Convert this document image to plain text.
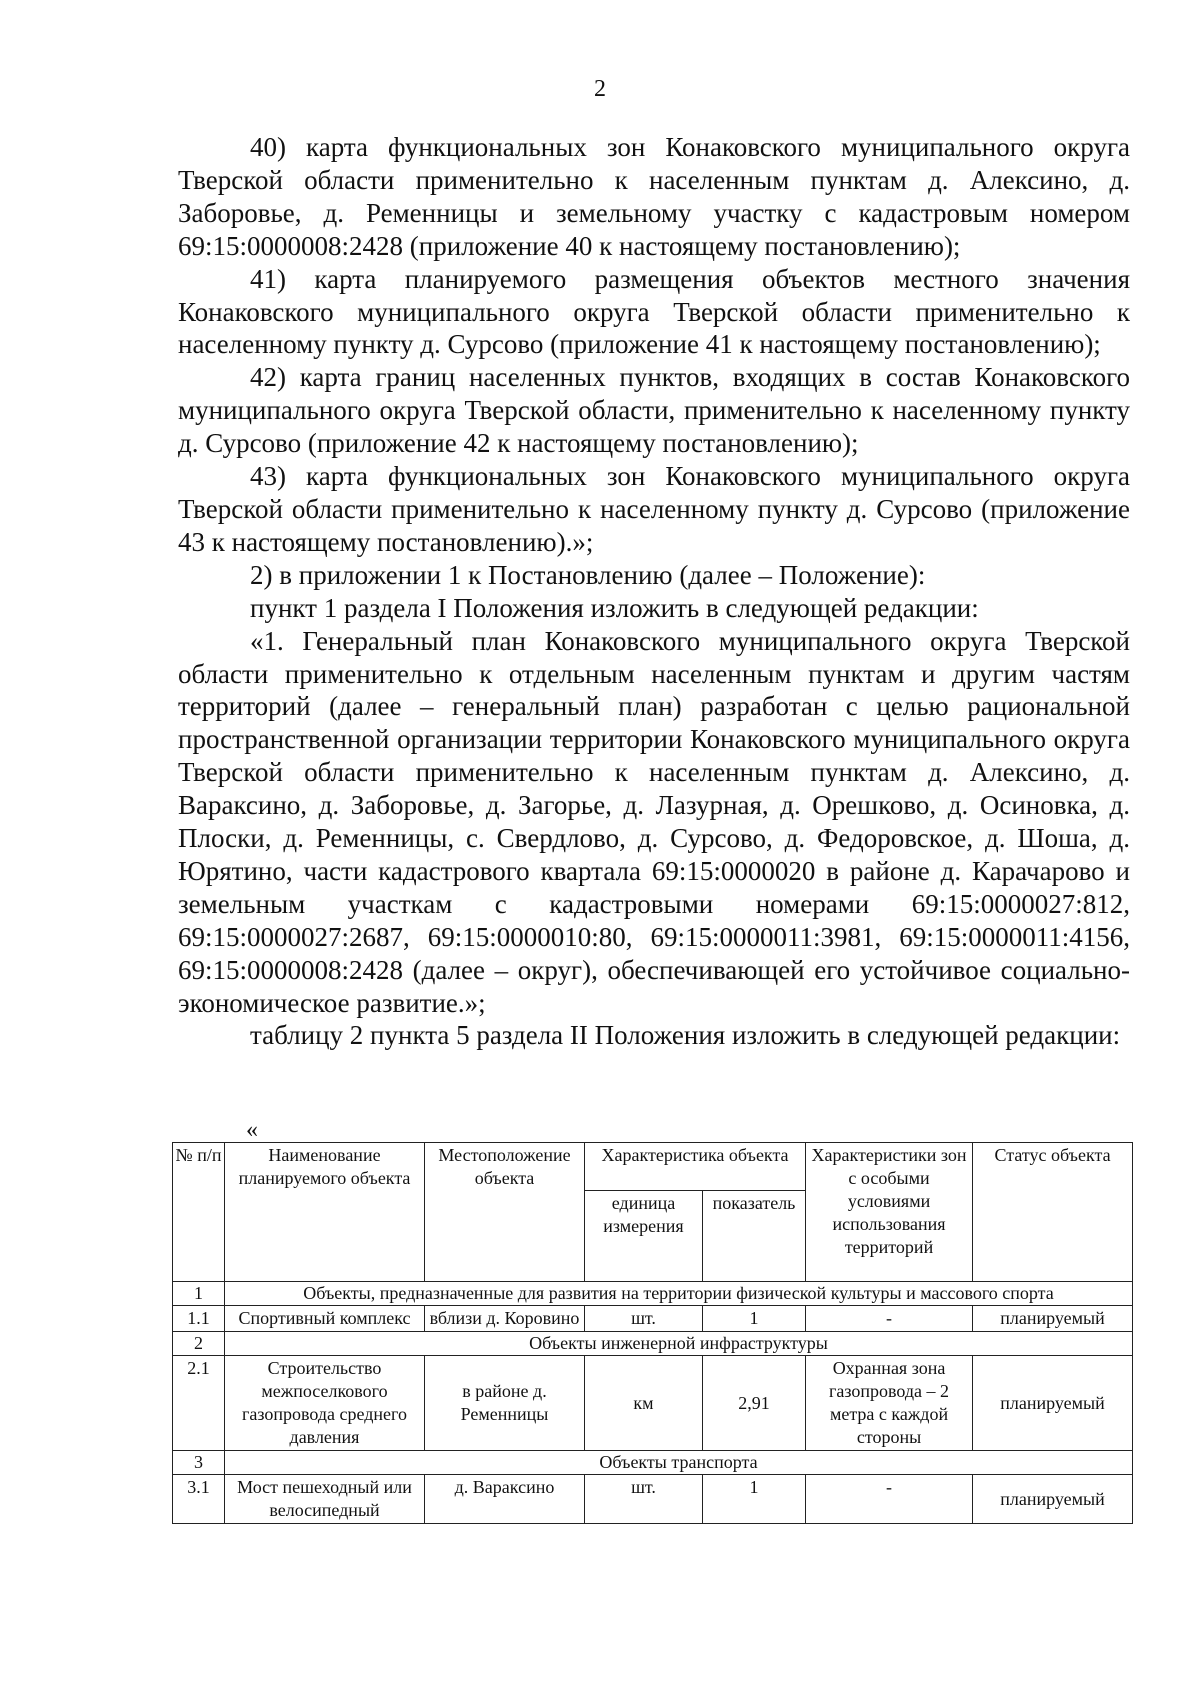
2

40) карта функциональных зон Конаковского муниципального округа Тверской области применительно к населенным пунктам д. Алексино, д. Заборовье, д. Ременницы и земельному участку с кадастровым номером 69:15:0000008:2428 (приложение 40 к настоящему постановлению);

41) карта планируемого размещения объектов местного значения Конаковского муниципального округа Тверской области применительно к населенному пункту д. Сурсово (приложение 41 к настоящему постановлению);

42) карта границ населенных пунктов, входящих в состав Конаковского муниципального округа Тверской области, применительно к населенному пункту д. Сурсово (приложение 42 к настоящему постановлению);

43) карта функциональных зон Конаковского муниципального округа Тверской области применительно к населенному пункту д. Сурсово (приложение 43 к настоящему постановлению).»;

2) в приложении 1 к Постановлению (далее – Положение):

пункт 1 раздела I Положения изложить в следующей редакции:

«1. Генеральный план Конаковского муниципального округа Тверской области применительно к отдельным населенным пунктам и другим частям территорий (далее – генеральный план) разработан с целью рациональной пространственной организации территории Конаковского муниципального округа Тверской области применительно к населенным пунктам д. Алексино, д. Вараксино, д. Заборовье, д. Загорье, д. Лазурная, д. Орешково, д. Осиновка, д. Плоски, д. Ременницы, с. Свердлово, д. Сурсово, д. Федоровское, д. Шоша, д. Юрятино, части кадастрового квартала 69:15:0000020 в районе д. Карачарово и земельным участкам с кадастровыми номерами 69:15:0000027:812, 69:15:0000027:2687, 69:15:0000010:80, 69:15:0000011:3981, 69:15:0000011:4156, 69:15:0000008:2428 (далее – округ), обеспечивающей его устойчивое социально-экономическое развитие.»;

таблицу 2 пункта 5 раздела II Положения изложить в следующей редакции:

«
№ п/п	Наименование планируемого объекта	Местоположение объекта	Характеристика объекта		Характеристики зон с особыми условиями использования территорий	Статус объекта
			единица измерения	показатель		
1	Объекты, предназначенные для развития на территории физической культуры и массового спорта					
1.1	Спортивный комплекс	вблизи д. Коровино	шт.	1	-	планируемый
2	Объекты инженерной инфраструктуры					
2.1	Строительство межпоселкового газопровода среднего давления	в районе д. Ременницы	км	2,91	Охранная зона газопровода – 2 метра с каждой стороны	планируемый
3	Объекты транспорта					
3.1	Мост пешеходный или велосипедный	д. Вараксино	шт.	1	-	планируемый
